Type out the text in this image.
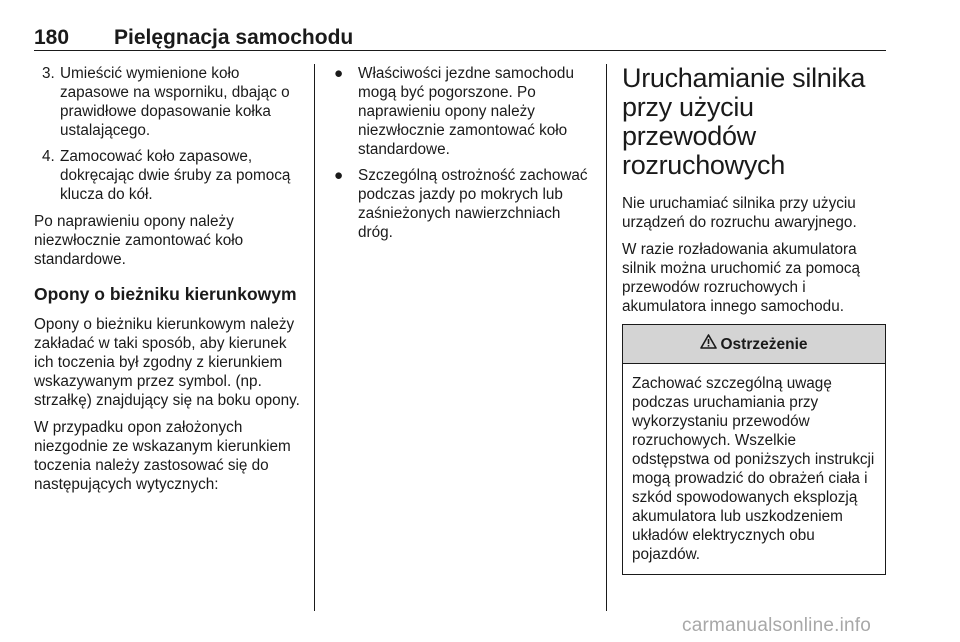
180 Pielęgnacja samochodu
3. Umieścić wymienione koło zapasowe na wsporniku, dbając o prawidłowe dopasowanie kołka ustalającego.
4. Zamocować koło zapasowe, dokręcając dwie śruby za pomocą klucza do kół.

Po naprawieniu opony należy niezwłocznie zamontować koło standardowe.

Opony o bieżniku kierunkowym

Opony o bieżniku kierunkowym należy zakładać w taki sposób, aby kierunek ich toczenia był zgodny z kierunkiem wskazywanym przez symbol. (np. strzałkę) znajdujący się na boku opony.

W przypadku opon założonych niezgodnie ze wskazanym kierunkiem toczenia należy zastosować się do następujących wytycznych:

● Właściwości jezdne samochodu mogą być pogorszone. Po naprawieniu opony należy niezwłocznie zamontować koło standardowe.
● Szczególną ostrożność zachować podczas jazdy po mokrych lub zaśnieżonych nawierzchniach dróg.
Uruchamianie silnika przy użyciu przewodów rozruchowych

Nie uruchamiać silnika przy użyciu urządzeń do rozruchu awaryjnego.

W razie rozładowania akumulatora silnik można uruchomić za pomocą przewodów rozruchowych i akumulatora innego samochodu.

Ostrzeżenie
Zachować szczególną uwagę podczas uruchamiania przy wykorzystaniu przewodów rozruchowych. Wszelkie odstępstwa od poniższych instrukcji mogą prowadzić do obrażeń ciała i szkód spowodowanych eksplozją akumulatora lub uszkodzeniem układów elektrycznych obu pojazdów.
carmanualsonline.info
